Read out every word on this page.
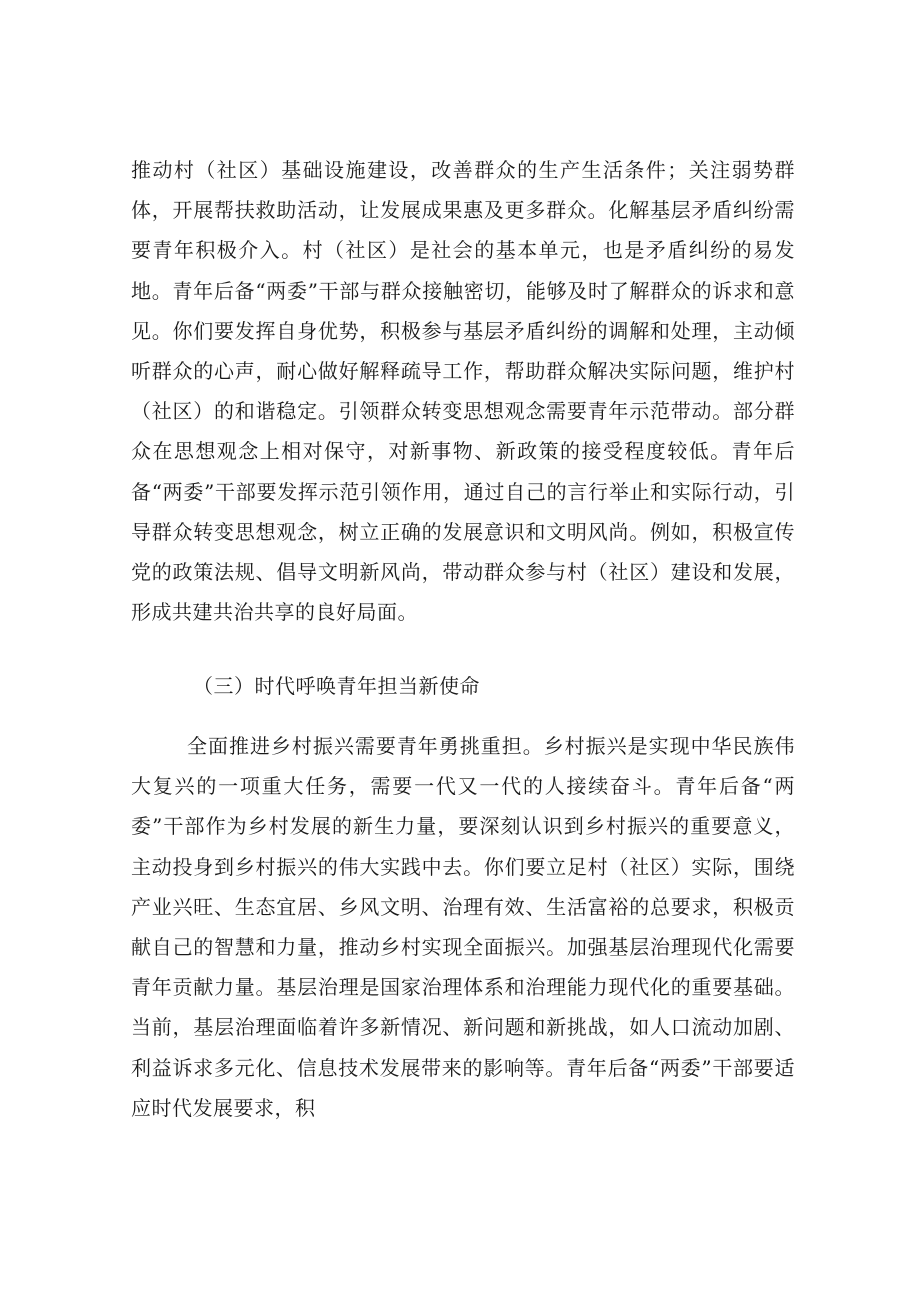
推动村（社区）基础设施建设，改善群众的生产生活条件；关注弱势群体，开展帮扶救助活动，让发展成果惠及更多群众。化解基层矛盾纠纷需要青年积极介入。村（社区）是社会的基本单元，也是矛盾纠纷的易发地。青年后备“两委”干部与群众接触密切，能够及时了解群众的诉求和意见。你们要发挥自身优势，积极参与基层矛盾纠纷的调解和处理，主动倾听群众的心声，耐心做好解释疏导工作，帮助群众解决实际问题，维护村（社区）的和谐稳定。引领群众转变思想观念需要青年示范带动。部分群众在思想观念上相对保守，对新事物、新政策的接受程度较低。青年后备“两委”干部要发挥示范引领作用，通过自己的言行举止和实际行动，引导群众转变思想观念，树立正确的发展意识和文明风尚。例如，积极宣传党的政策法规、倡导文明新风尚，带动群众参与村（社区）建设和发展，形成共建共治共享的良好局面。

（三）时代呼唤青年担当新使命

全面推进乡村振兴需要青年勇挑重担。乡村振兴是实现中华民族伟大复兴的一项重大任务，需要一代又一代的人接续奋斗。青年后备“两委”干部作为乡村发展的新生力量，要深刻认识到乡村振兴的重要意义，主动投身到乡村振兴的伟大实践中去。你们要立足村（社区）实际，围绕产业兴旺、生态宜居、乡风文明、治理有效、生活富裕的总要求，积极贡献自己的智慧和力量，推动乡村实现全面振兴。加强基层治理现代化需要青年贡献力量。基层治理是国家治理体系和治理能力现代化的重要基础。当前，基层治理面临着许多新情况、新问题和新挑战，如人口流动加剧、利益诉求多元化、信息技术发展带来的影响等。青年后备“两委”干部要适应时代发展要求，积
